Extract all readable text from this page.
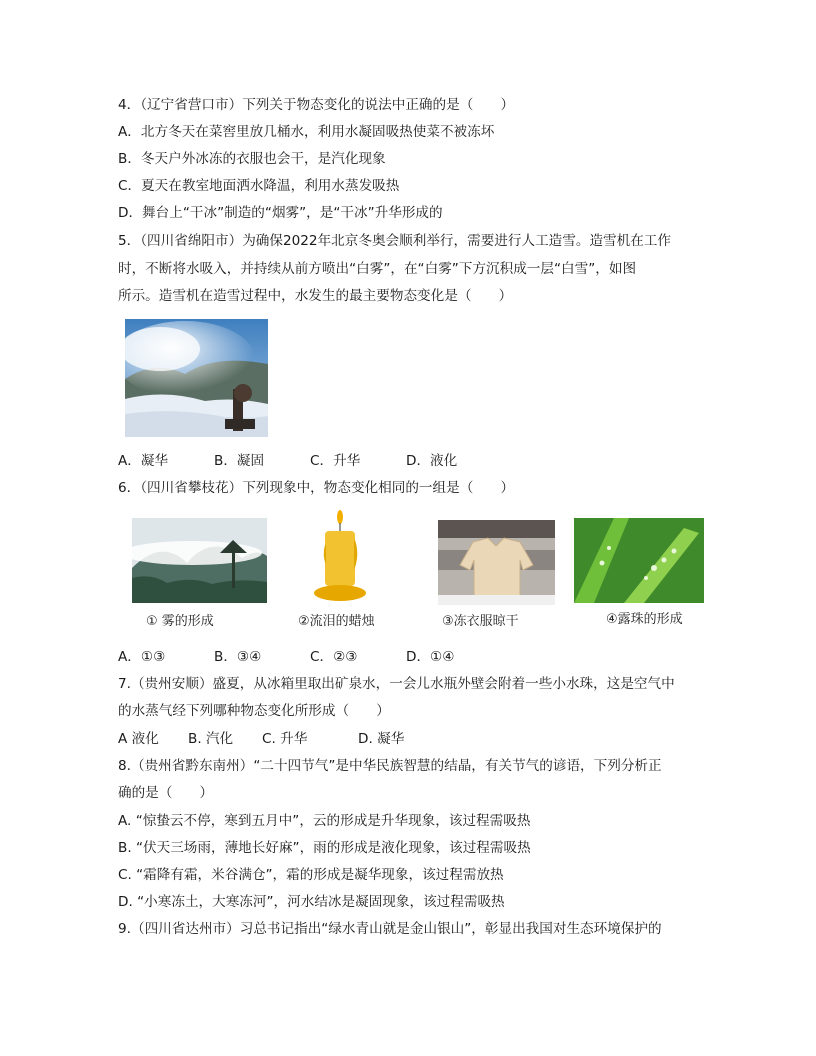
4．（辽宁省营口市）下列关于物态变化的说法中正确的是（　　）
A．北方冬天在菜窖里放几桶水，利用水凝固吸热使菜不被冻坏
B．冬天户外冰冻的衣服也会干，是汽化现象
C．夏天在教室地面洒水降温，利用水蒸发吸热
D．舞台上“干冰”制造的“烟雾”，是“干冰”升华形成的
5．（四川省绵阳市）为确保2022年北京冬奥会顺利举行，需要进行人工造雪。造雪机在工作
时，不断将水吸入，并持续从前方喷出“白雾”，在“白雾”下方沉积成一层“白雪”，如图
所示。造雪机在造雪过程中，水发生的最主要物态变化是（　　）
A．凝华	B．凝固	C．升华	D．液化
6．（四川省攀枝花）下列现象中，物态变化相同的一组是（　　）
① 雾的形成	②流泪的蜡烛	③冻衣服晾干	④露珠的形成
A．①③	B．③④	C．②③	D．①④
7.（贵州安顺）盛夏，从冰箱里取出矿泉水，一会儿水瓶外壁会附着一些小水珠，这是空气中
的水蒸气经下列哪种物态变化所形成（　　）
A 液化 B. 汽化 C. 升华	D. 凝华
8.（贵州省黔东南州）“二十四节气”是中华民族智慧的结晶，有关节气的谚语，下列分析正
确的是（　　）
A. “惊蛰云不停，寒到五月中”，云的形成是升华现象，该过程需吸热
B. “伏天三场雨，薄地长好麻”，雨的形成是液化现象，该过程需吸热
C. “霜降有霜，米谷满仓”，霜的形成是凝华现象，该过程需放热
D. “小寒冻土，大寒冻河”，河水结冰是凝固现象，该过程需吸热
9.（四川省达州市）习总书记指出“绿水青山就是金山银山”，彰显出我国对生态环境保护的
